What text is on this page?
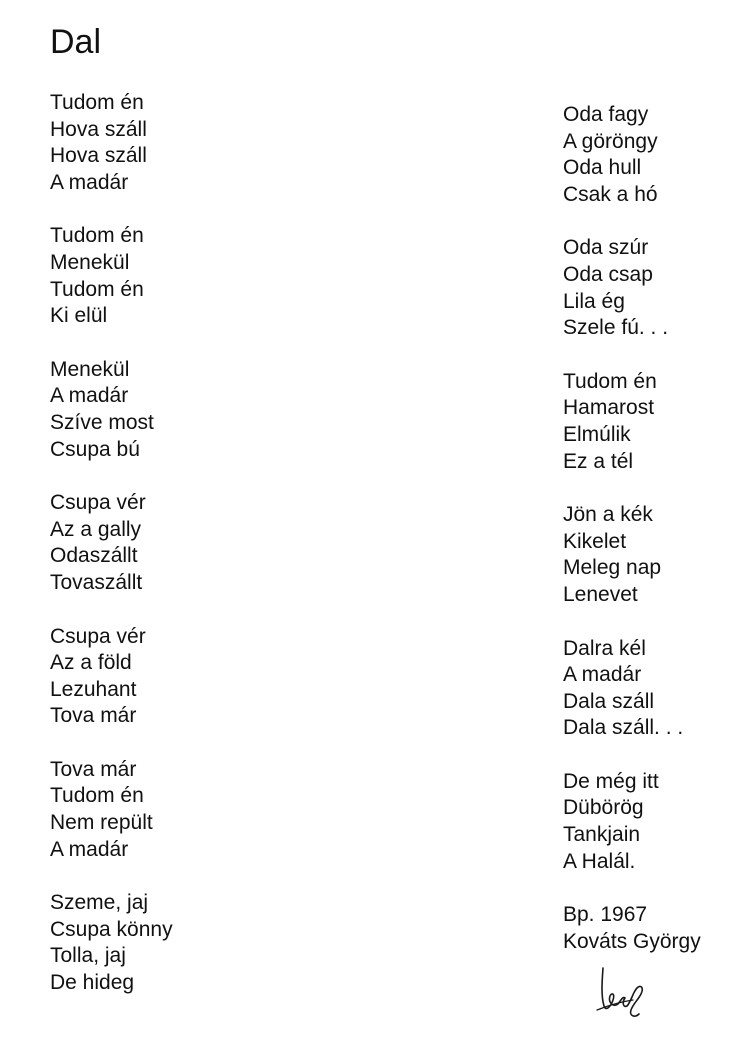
Dal
Tudom én
Hova száll
Hova száll
A madár
Tudom én
Menekül
Tudom én
Ki elül
Menekül
A madár
Szíve most
Csupa bú
Csupa vér
Az a gally
Odaszállt
Tovaszállt
Csupa vér
Az a föld
Lezuhant
Tova már
Tova már
Tudom én
Nem repült
A madár
Szeme, jaj
Csupa könny
Tolla, jaj
De hideg
Oda fagy
A göröngy
Oda hull
Csak a hó
Oda szúr
Oda csap
Lila ég
Szele fú. . .
Tudom én
Hamarost
Elmúlik
Ez a tél
Jön a kék
Kikelet
Meleg nap
Lenevet
Dalra kél
A madár
Dala száll
Dala száll. . .
De még itt
Dübörög
Tankjain
A Halál.
Bp. 1967
Kováts György
